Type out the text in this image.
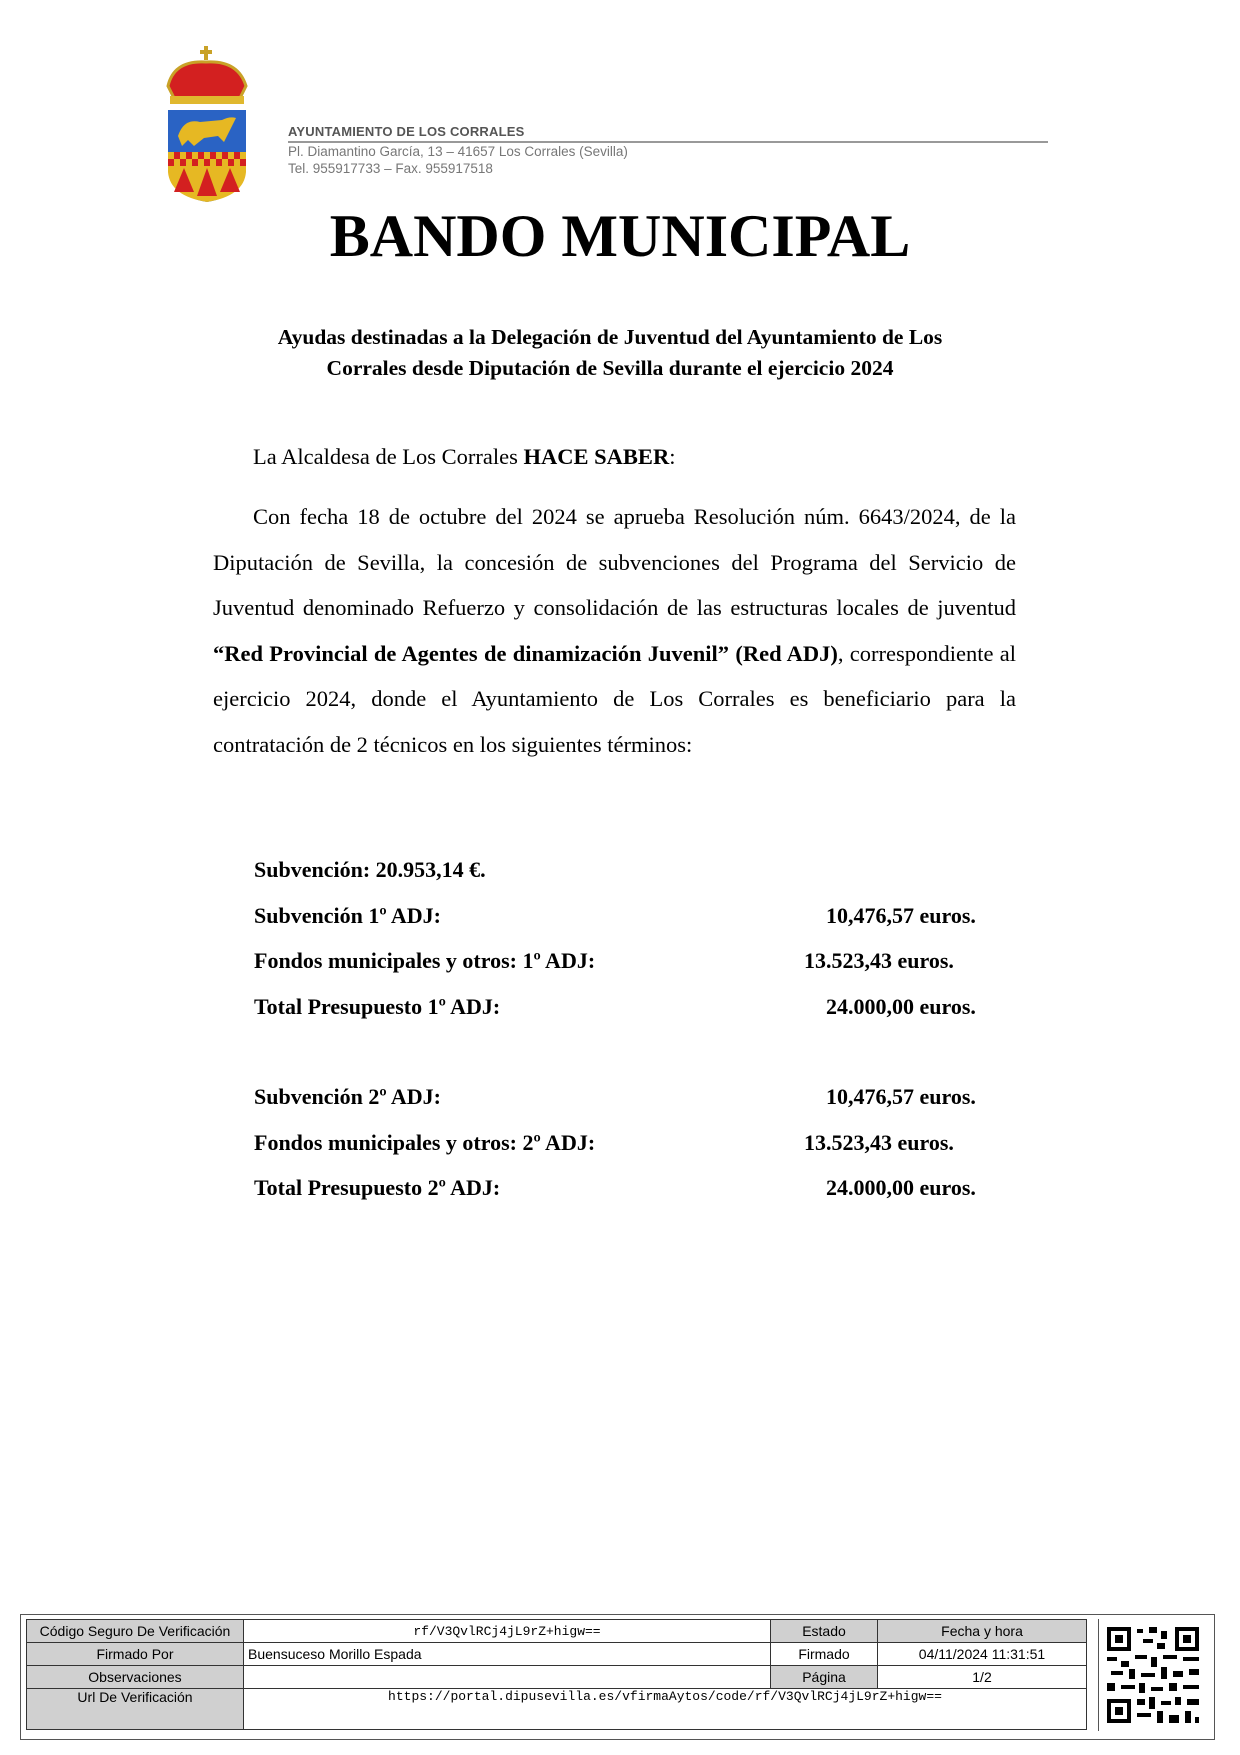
AYUNTAMIENTO DE LOS CORRALES
Pl. Diamantino García, 13 – 41657 Los Corrales (Sevilla)
Tel. 955917733 – Fax. 955917518
BANDO MUNICIPAL
Ayudas destinadas a la Delegación de Juventud del Ayuntamiento de Los
Corrales desde Diputación de Sevilla durante el ejercicio 2024
La Alcaldesa de Los Corrales HACE SABER:
Con fecha 18 de octubre del 2024 se aprueba Resolución núm. 6643/2024, de la Diputación de Sevilla, la concesión de subvenciones del Programa del Servicio de Juventud denominado Refuerzo y consolidación de las estructuras locales de juventud “Red Provincial de Agentes de dinamización Juvenil” (Red ADJ), correspondiente al ejercicio 2024, donde el Ayuntamiento de Los Corrales es beneficiario para la contratación de 2 técnicos en los siguientes términos:
Subvención: 20.953,14 €.
Subvención 1º ADJ:	10,476,57 euros.
Fondos municipales y otros: 1º ADJ:	13.523,43 euros.
Total Presupuesto 1º ADJ:	24.000,00 euros.
Subvención 2º ADJ:	10,476,57 euros.
Fondos municipales y otros: 2º ADJ:	13.523,43 euros.
Total Presupuesto 2º ADJ:	24.000,00 euros.
Código Seguro De Verificación	rf/V3QvlRCj4jL9rZ+higw==	Estado	Fecha y hora
Firmado Por	Buensuceso Morillo Espada	Firmado	04/11/2024 11:31:51
Observaciones		Página	1/2
Url De Verificación	https://portal.dipusevilla.es/vfirmaAytos/code/rf/V3QvlRCj4jL9rZ+higw==		
